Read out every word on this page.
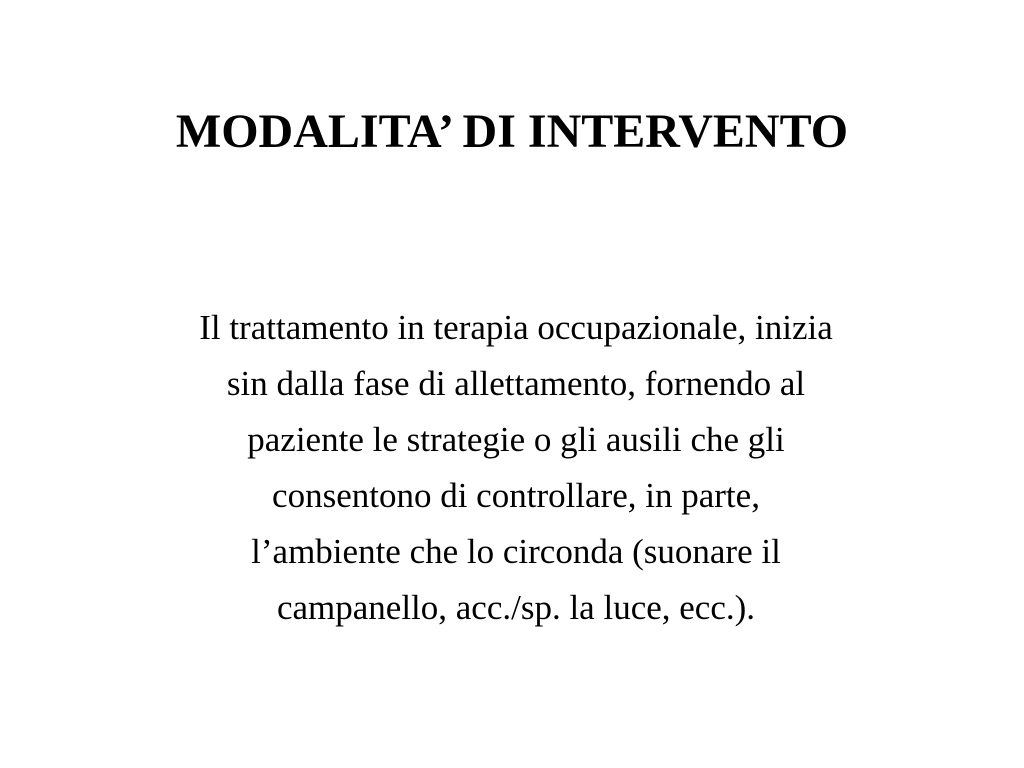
MODALITA’ DI INTERVENTO
Il trattamento in terapia occupazionale, inizia
sin dalla fase di allettamento, fornendo al
paziente le strategie o gli ausili che gli
consentono di controllare, in parte,
l’ambiente che lo circonda (suonare il
campanello, acc./sp. la luce, ecc.).
